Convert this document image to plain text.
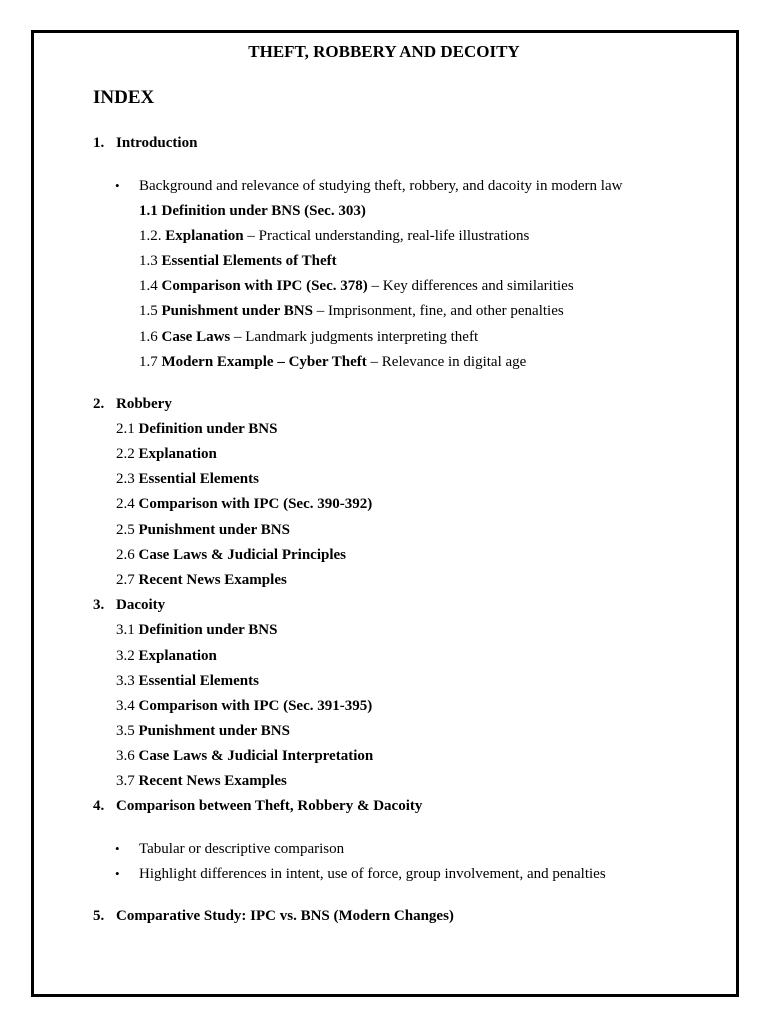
THEFT, ROBBERY AND DECOITY
INDEX
1. Introduction
• Background and relevance of studying theft, robbery, and dacoity in modern law
1.1 Definition under BNS (Sec. 303)
1.2. Explanation – Practical understanding, real-life illustrations
1.3 Essential Elements of Theft
1.4 Comparison with IPC (Sec. 378) – Key differences and similarities
1.5 Punishment under BNS – Imprisonment, fine, and other penalties
1.6 Case Laws – Landmark judgments interpreting theft
1.7 Modern Example – Cyber Theft – Relevance in digital age
2. Robbery
2.1 Definition under BNS
2.2 Explanation
2.3 Essential Elements
2.4 Comparison with IPC (Sec. 390-392)
2.5 Punishment under BNS
2.6 Case Laws & Judicial Principles
2.7 Recent News Examples
3. Dacoity
3.1 Definition under BNS
3.2 Explanation
3.3 Essential Elements
3.4 Comparison with IPC (Sec. 391-395)
3.5 Punishment under BNS
3.6 Case Laws & Judicial Interpretation
3.7 Recent News Examples
4. Comparison between Theft, Robbery & Dacoity
• Tabular or descriptive comparison
• Highlight differences in intent, use of force, group involvement, and penalties
5. Comparative Study: IPC vs. BNS (Modern Changes)
